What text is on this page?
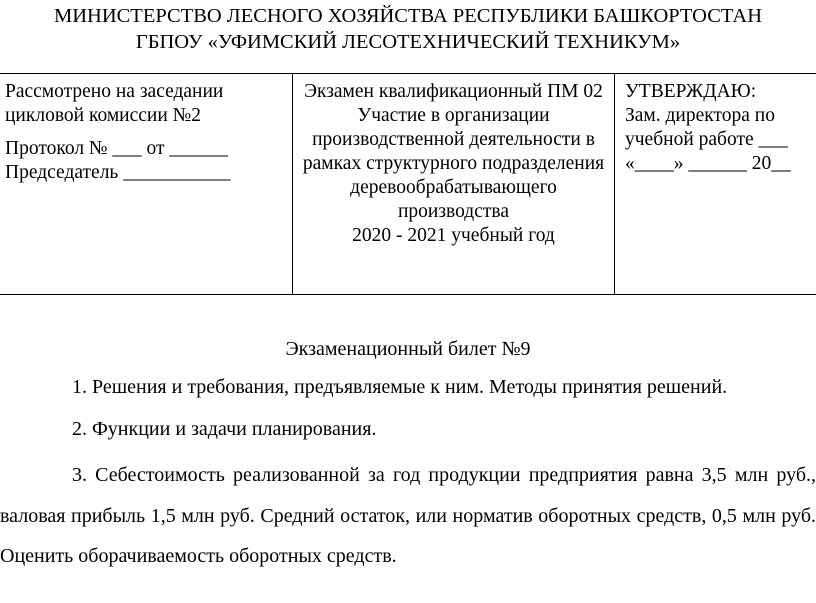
МИНИСТЕРСТВО ЛЕСНОГО ХОЗЯЙСТВА РЕСПУБЛИКИ БАШКОРТОСТАН
ГБПОУ «УФИМСКИЙ ЛЕСОТЕХНИЧЕСКИЙ ТЕХНИКУМ»
Рассмотрено на заседании
цикловой комиссии №2
Протокол № ___ от ______
Председатель ___________
Экзамен квалификационный ПМ 02 Участие в организации производственной деятельности в рамках структурного подразделения деревообрабатывающего производства
2020 - 2021 учебный год
УТВЕРЖДАЮ:
Зам. директора по
учебной работе ___
«____» ______ 20__
Экзаменационный билет №9
1. Решения и требования, предъявляемые к ним. Методы принятия решений.
2. Функции и задачи планирования.
3. Себестоимость реализованной за год продукции предприятия равна 3,5 млн руб., валовая прибыль 1,5 млн руб. Средний остаток, или норматив оборотных средств, 0,5 млн руб. Оценить оборачиваемость оборотных средств.
